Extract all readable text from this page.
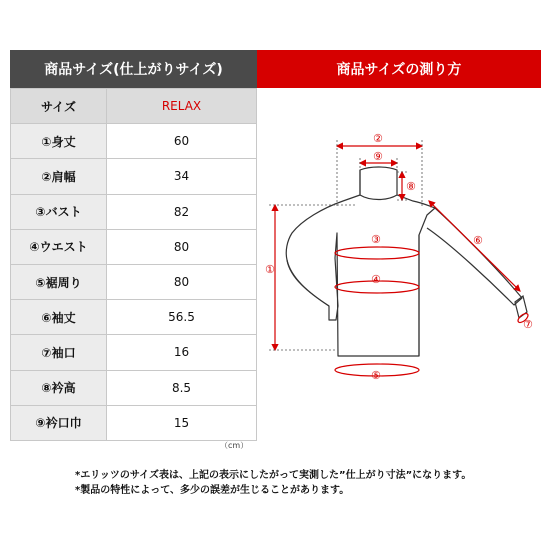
商品サイズ(仕上がりサイズ)	商品サイズの測り方
サイズ	RELAX
①身丈	60
②肩幅	34
③バスト	82
④ウエスト	80
⑤裾周り	80
⑥袖丈	56.5
⑦袖口	16
⑧衿高	8.5
⑨衿口巾	15
（cm）
②
⑨
⑧
①
③
④
⑤
⑥
⑦
*エリッツのサイズ表は、上記の表示にしたがって実測した”仕上がり寸法”になります。
*製品の特性によって、多少の誤差が生じることがあります。
